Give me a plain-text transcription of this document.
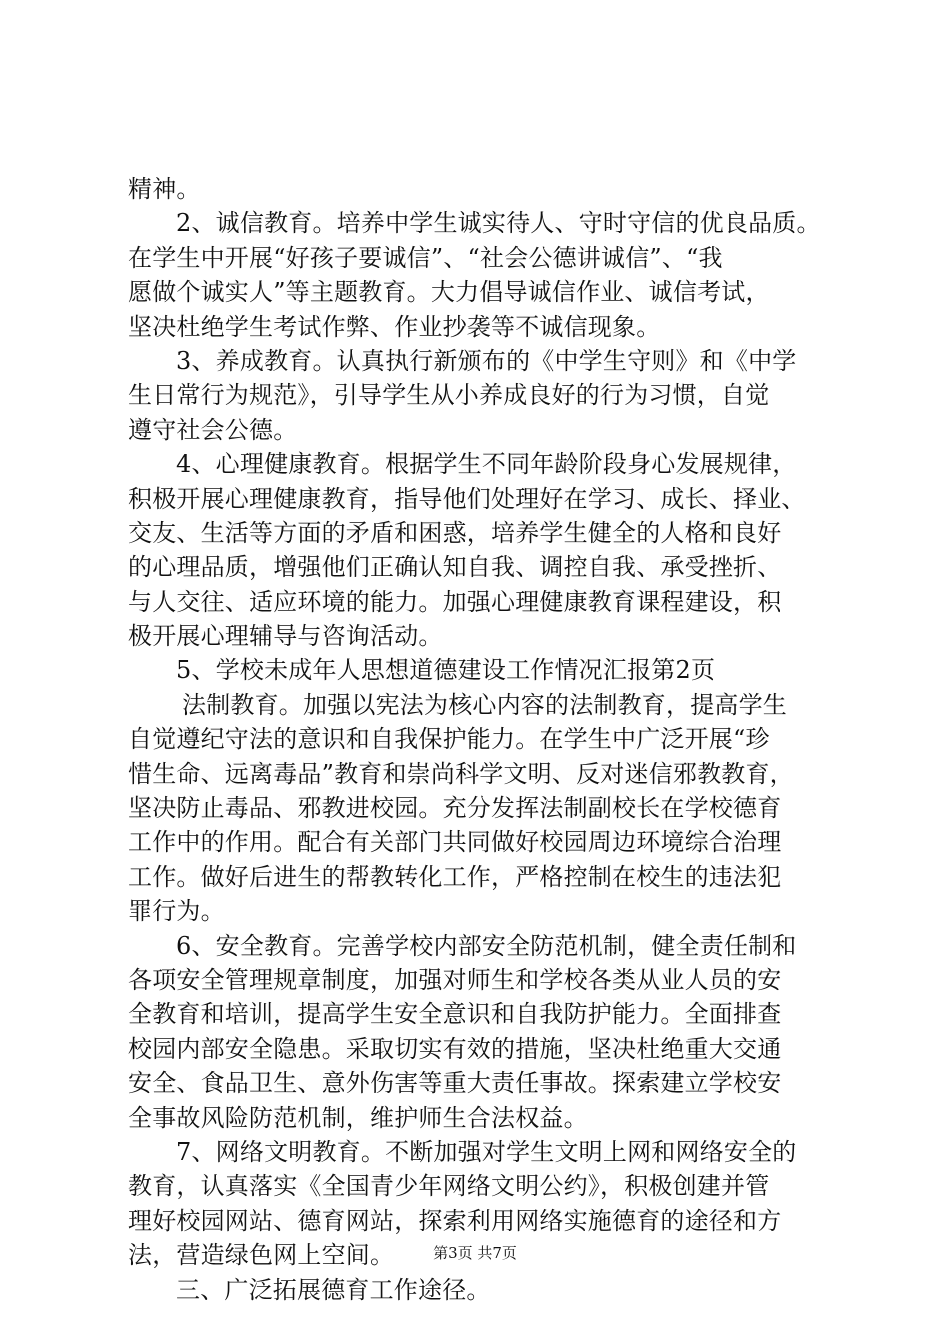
精神。
2、诚信教育。培养中学生诚实待人、守时守信的优良品质。
在学生中开展“好孩子要诚信”、“社会公德讲诚信”、“我
愿做个诚实人”等主题教育。大力倡导诚信作业、诚信考试，
坚决杜绝学生考试作弊、作业抄袭等不诚信现象。
3、养成教育。认真执行新颁布的《中学生守则》和《中学
生日常行为规范》，引导学生从小养成良好的行为习惯，自觉
遵守社会公德。
4、心理健康教育。根据学生不同年龄阶段身心发展规律，
积极开展心理健康教育，指导他们处理好在学习、成长、择业、
交友、生活等方面的矛盾和困惑，培养学生健全的人格和良好
的心理品质，增强他们正确认知自我、调控自我、承受挫折、
与人交往、适应环境的能力。加强心理健康教育课程建设，积
极开展心理辅导与咨询活动。
5、学校未成年人思想道德建设工作情况汇报第2页
法制教育。加强以宪法为核心内容的法制教育，提高学生
自觉遵纪守法的意识和自我保护能力。在学生中广泛开展“珍
惜生命、远离毒品”教育和崇尚科学文明、反对迷信邪教教育，
坚决防止毒品、邪教进校园。充分发挥法制副校长在学校德育
工作中的作用。配合有关部门共同做好校园周边环境综合治理
工作。做好后进生的帮教转化工作，严格控制在校生的违法犯
罪行为。
6、安全教育。完善学校内部安全防范机制，健全责任制和
各项安全管理规章制度，加强对师生和学校各类从业人员的安
全教育和培训，提高学生安全意识和自我防护能力。全面排查
校园内部安全隐患。采取切实有效的措施，坚决杜绝重大交通
安全、食品卫生、意外伤害等重大责任事故。探索建立学校安
全事故风险防范机制，维护师生合法权益。
7、网络文明教育。不断加强对学生文明上网和网络安全的
教育，认真落实《全国青少年网络文明公约》，积极创建并管
理好校园网站、德育网站，探索利用网络实施德育的途径和方
法，营造绿色网上空间。
三、广泛拓展德育工作途径。
第3页 共7页
